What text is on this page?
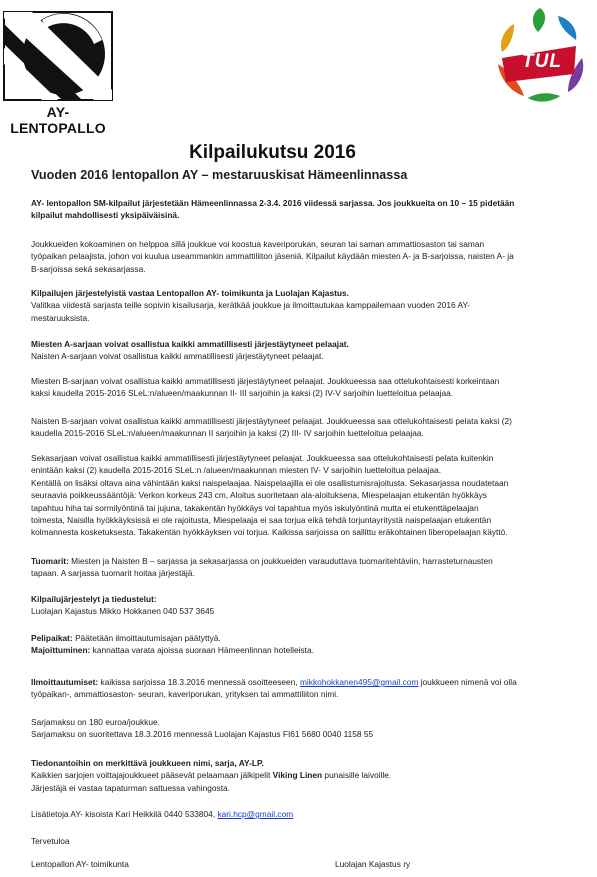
AY-LENTOPALLO
TUL
Kilpailukutsu 2016
Vuoden 2016 lentopallon AY – mestaruuskisat Hämeenlinnassa
AY- lentopallon SM-kilpailut järjestetään Hämeenlinnassa 2-3.4. 2016 viidessä sarjassa. Jos joukkueita on 10 – 15 pidetään
kilpailut mahdollisesti yksipäiväisinä.
Joukkueiden kokoaminen on helppoa sillä joukkue voi koostua kaveriporukan, seuran tai saman ammattiosaston tai saman
työpaikan pelaajista, johon voi kuulua useammankin ammattiliiton jäseniä. Kilpailut käydään miesten A- ja B-sarjoissa, naisten A- ja
B-sarjoissa sekä sekasarjassa.
Kilpailujen järjestelyistä vastaa Lentopallon AY- toimikunta ja Luolajan Kajastus.
Valitkaa viidestä sarjasta teille sopivin kisailusarja, kerätkää joukkue ja ilmoittautukaa kamppailemaan vuoden 2016 AY-
mestaruuksista.
Miesten A-sarjaan voivat osallistua kaikki ammatillisesti järjestäytyneet pelaajat.
Naisten A-sarjaan voivat osallistua kaikki ammatillisesti järjestäytyneet pelaajat.
Miesten B-sarjaan voivat osallistua kaikki ammatillisesti järjestäytyneet pelaajat. Joukkueessa saa ottelukohtaisesti korkeintaan
kaksi kaudella 2015-2016 SLeL:n/alueen/maakunnan II- III sarjoihin ja kaksi (2) IV-V sarjoihin luetteloitua pelaajaa.
Naisten B-sarjaan voivat osallistua kaikki ammatillisesti järjestäytyneet pelaajat. Joukkueessa saa ottelukohtaisesti pelata kaksi (2)
kaudella 2015-2016 SLeL:n/alueen/maakunnan II sarjoihin ja kaksi (2) III- IV sarjoihin luetteloitua pelaajaa.
Sekasarjaan voivat osallistua kaikki ammatillisesti järjestäytyneet pelaajat. Joukkueessa saa ottelukohtaisesti pelata kuitenkin
enintään kaksi (2) kaudella 2015-2016 SLeL:n /alueen/maakunnan miesten IV- V sarjoihin luetteloitua pelaajaa.
Kentällä on lisäksi oltava aina vähintään kaksi naispelaajaa. Naispelaajilla ei ole osallistumisrajoitusta. Sekasarjassa noudatetaan
seuraavia poikkeussääntöjä: Verkon korkeus 243 cm, Aloitus suoritetaan ala-aloituksena, Miespelaajan etukentän hyökkäys
tapahtuu hiha tai sormilyöntinä tai jujuna, takakentän hyökkäys voi tapahtua myös iskulyöntinä mutta ei etukenttäpelaajan
toimesta, Naisilla hyökkäyksissä ei ole rajoitusta, Miespelaaja ei saa torjua eikä tehdä torjuntayritystä naispelaajan etukentän
kolmannesta kosketuksesta. Takakentän hyökkäyksen voi torjua. Kaikissa sarjoissa on sallittu eräkohtainen liberopelaajan käyttö.
Tuomarit: Miesten ja Naisten B – sarjassa ja sekasarjassa on joukkueiden varauduttava tuomaritehtäviin, harrasteturnausten
tapaan. A sarjassa tuomarit hoitaa järjestäjä.
Kilpailujärjestelyt ja tiedustelut:
Luolajan Kajastus Mikko Hokkanen 040 537 3645
Pelipaikat: Päätetään ilmoittautumisajan päätyttyä.
Majoittuminen: kannattaa varata ajoissa suoraan Hämeenlinnan hotelleista.
Ilmoittautumiset: kaikissa sarjoissa 18.3.2016 mennessä osoitteeseen, mikkohokkanen495@gmail.com joukkueen nimenä voi olla
työpaikan-, ammattiosaston- seuran, kaveriporukan, yrityksen tai ammattiliiton nimi.
Sarjamaksu on 180 euroa/joukkue.
Sarjamaksu on suoritettava 18.3.2016 mennessä Luolajan Kajastus FI61 5680 0040 1158 55
Tiedonantoihin on merkittävä joukkueen nimi, sarja, AY-LP.
Kaikkien sarjojen voittajajoukkueet pääsevät pelaamaan jälkipelit Viking Linen punaisille laivoille.
Järjestäjä ei vastaa tapaturman sattuessa vahingosta.
Lisätietoja AY- kisoista Kari Heikkilä 0440 533804, kari.hcp@gmail.com
Tervetuloa
Lentopallon AY- toimikunta	Luolajan Kajastus ry
